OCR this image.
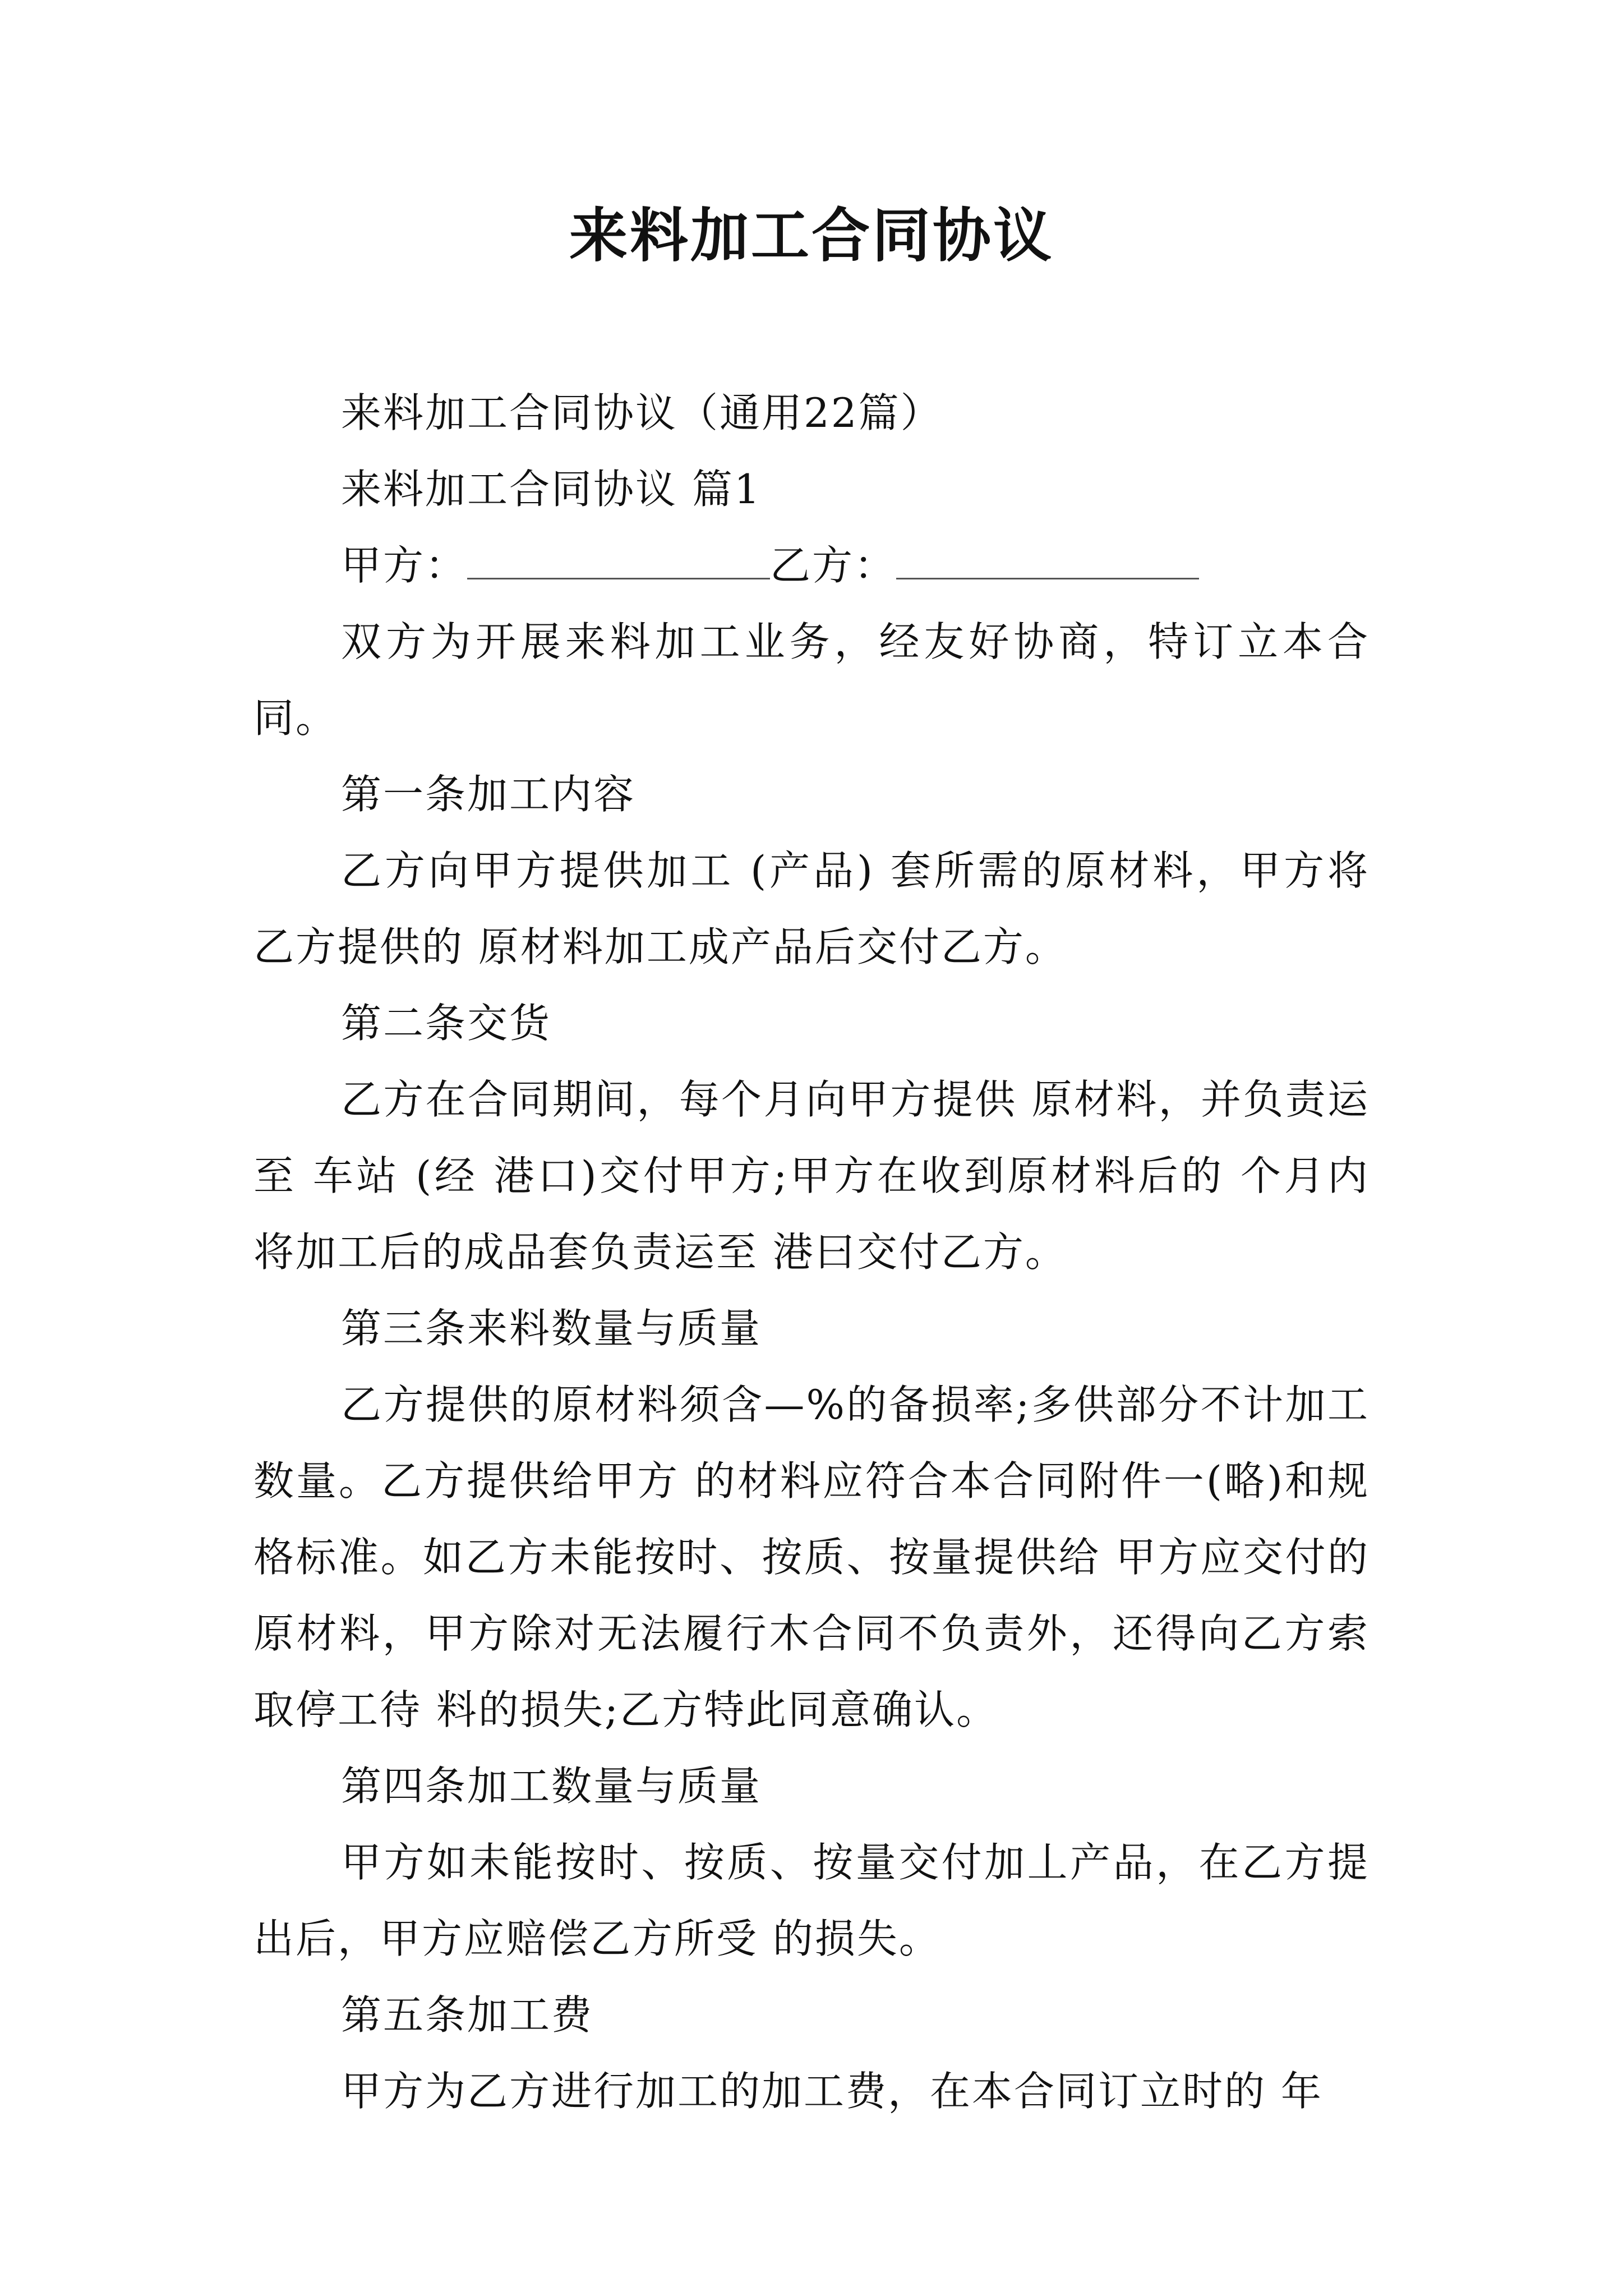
来料加工合同协议

来料加工合同协议（通用22篇）

来料加工合同协议 篇1

甲方：	乙方：

双方为开展来料加工业务，经友好协商，特订立本合同。

第一条加工内容

乙方向甲方提供加工 (产品) 套所需的原材料，甲方将乙方提供的 原材料加工成产品后交付乙方。

第二条交货

乙方在合同期间，每个月向甲方提供 原材料，并负责运至 车站 (经 港口)交付甲方;甲方在收到原材料后的 个月内将加工后的成品套负责运至 港曰交付乙方。

第三条来料数量与质量

乙方提供的原材料须含—%的备损率;多供部分不计加工数量。乙方提供给甲方 的材料应符合本合同附件一(略)和规格标准。如乙方未能按时、按质、按量提供给 甲方应交付的原材料，甲方除对无法履行木合同不负责外，还得向乙方索取停工待 料的损失;乙方特此同意确认。

第四条加工数量与质量

甲方如未能按时、按质、按量交付加丄产品，在乙方提出后，甲方应赔偿乙方所受 的损失。

第五条加工费

甲方为乙方进行加工的加工费，在本合同订立时的 年
